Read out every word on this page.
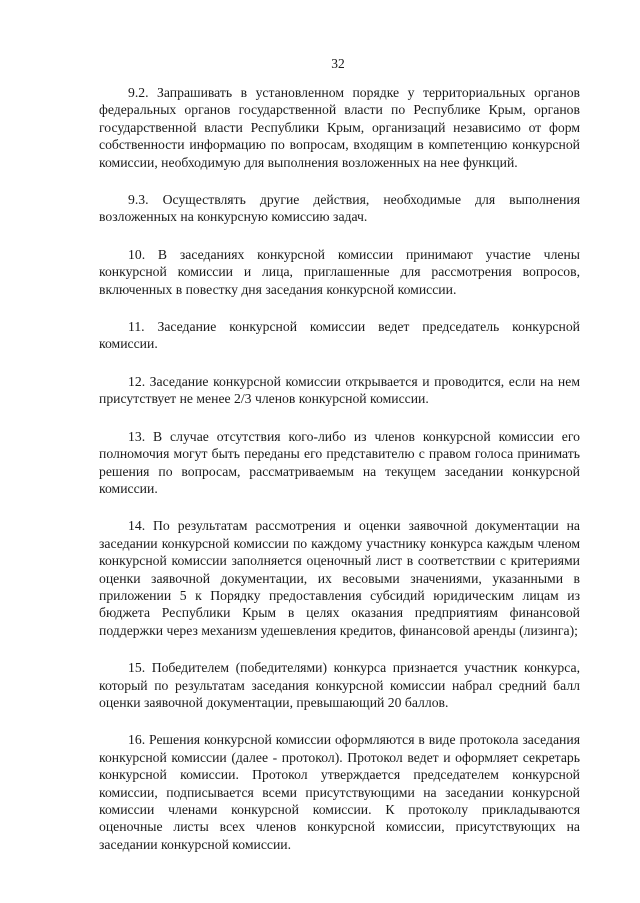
32

9.2. Запрашивать в установленном порядке у территориальных органов федеральных органов государственной власти по Республике Крым, органов государственной власти Республики Крым, организаций независимо от форм собственности информацию по вопросам, входящим в компетенцию конкурсной комиссии, необходимую для выполнения возложенных на нее функций.

9.3. Осуществлять другие действия, необходимые для выполнения возложенных на конкурсную комиссию задач.

10. В заседаниях конкурсной комиссии принимают участие члены конкурсной комиссии и лица, приглашенные для рассмотрения вопросов, включенных в повестку дня заседания конкурсной комиссии.

11. Заседание конкурсной комиссии ведет председатель конкурсной комиссии.

12. Заседание конкурсной комиссии открывается и проводится, если на нем присутствует не менее 2/3 членов конкурсной комиссии.

13. В случае отсутствия кого-либо из членов конкурсной комиссии его полномочия могут быть переданы его представителю с правом голоса принимать решения по вопросам, рассматриваемым на текущем заседании конкурсной комиссии.

14. По результатам рассмотрения и оценки заявочной документации на заседании конкурсной комиссии по каждому участнику конкурса каждым членом конкурсной комиссии заполняется оценочный лист в соответствии с критериями оценки заявочной документации, их весовыми значениями, указанными в приложении 5 к Порядку предоставления субсидий юридическим лицам из бюджета Республики Крым в целях оказания предприятиям финансовой поддержки через механизм удешевления кредитов, финансовой аренды (лизинга);

15. Победителем (победителями) конкурса признается участник конкурса, который по результатам заседания конкурсной комиссии набрал средний балл оценки заявочной документации, превышающий 20 баллов.

16. Решения конкурсной комиссии оформляются в виде протокола заседания конкурсной комиссии (далее - протокол). Протокол ведет и оформляет секретарь конкурсной комиссии. Протокол утверждается председателем конкурсной комиссии, подписывается всеми присутствующими на заседании конкурсной комиссии членами конкурсной комиссии. К протоколу прикладываются оценочные листы всех членов конкурсной комиссии, присутствующих на заседании конкурсной комиссии.
